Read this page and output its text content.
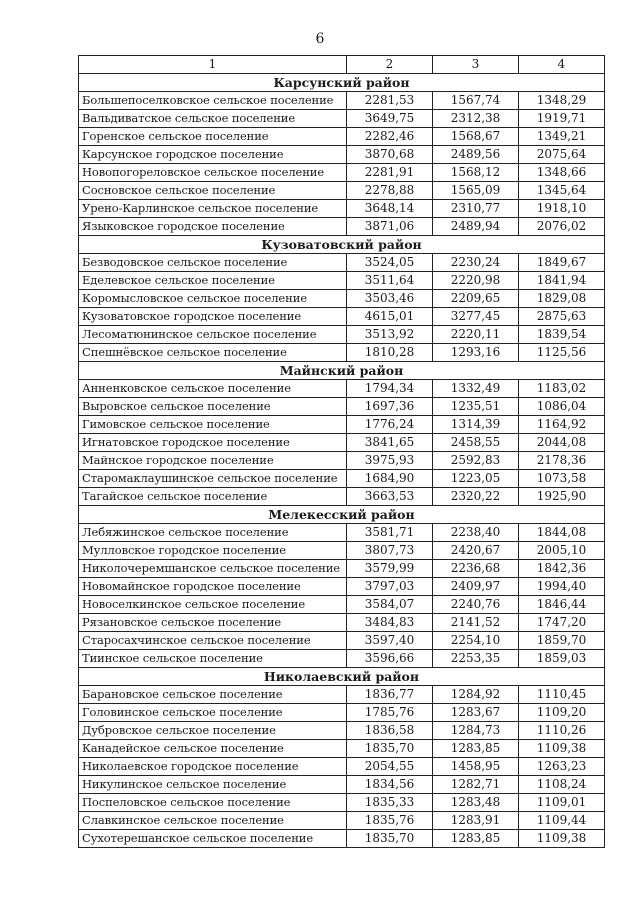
6
1	2	3	4
Карсунский район			
Большепоселковское сельское поселение	2281,53	1567,74	1348,29
Вальдиватское сельское поселение	3649,75	2312,38	1919,71
Горенское сельское поселение	2282,46	1568,67	1349,21
Карсунское городское поселение	3870,68	2489,56	2075,64
Новопогореловское сельское поселение	2281,91	1568,12	1348,66
Сосновское сельское поселение	2278,88	1565,09	1345,64
Урено-Карлинское сельское поселение	3648,14	2310,77	1918,10
Языковское городское поселение	3871,06	2489,94	2076,02
Кузоватовский район			
Безводовское сельское поселение	3524,05	2230,24	1849,67
Еделевское сельское поселение	3511,64	2220,98	1841,94
Коромысловское сельское поселение	3503,46	2209,65	1829,08
Кузоватовское городское поселение	4615,01	3277,45	2875,63
Лесоматюнинское сельское поселение	3513,92	2220,11	1839,54
Спешнёвское сельское поселение	1810,28	1293,16	1125,56
Майнский район			
Анненковское сельское поселение	1794,34	1332,49	1183,02
Выровское сельское поселение	1697,36	1235,51	1086,04
Гимовское сельское поселение	1776,24	1314,39	1164,92
Игнатовское городское поселение	3841,65	2458,55	2044,08
Майнское городское поселение	3975,93	2592,83	2178,36
Старомаклаушинское сельское поселение	1684,90	1223,05	1073,58
Тагайское сельское поселение	3663,53	2320,22	1925,90
Мелекесский район			
Лебяжинское сельское поселение	3581,71	2238,40	1844,08
Мулловское городское поселение	3807,73	2420,67	2005,10
Николочеремшанское сельское поселение	3579,99	2236,68	1842,36
Новомайнское городское поселение	3797,03	2409,97	1994,40
Новоселкинское сельское поселение	3584,07	2240,76	1846,44
Рязановское сельское поселение	3484,83	2141,52	1747,20
Старосахчинское сельское поселение	3597,40	2254,10	1859,70
Тиинское сельское поселение	3596,66	2253,35	1859,03
Николаевский район			
Барановское сельское поселение	1836,77	1284,92	1110,45
Головинское сельское поселение	1785,76	1283,67	1109,20
Дубровское сельское поселение	1836,58	1284,73	1110,26
Канадейское сельское поселение	1835,70	1283,85	1109,38
Николаевское городское поселение	2054,55	1458,95	1263,23
Никулинское сельское поселение	1834,56	1282,71	1108,24
Поспеловское сельское поселение	1835,33	1283,48	1109,01
Славкинское сельское поселение	1835,76	1283,91	1109,44
Сухотерешанское сельское поселение	1835,70	1283,85	1109,38
